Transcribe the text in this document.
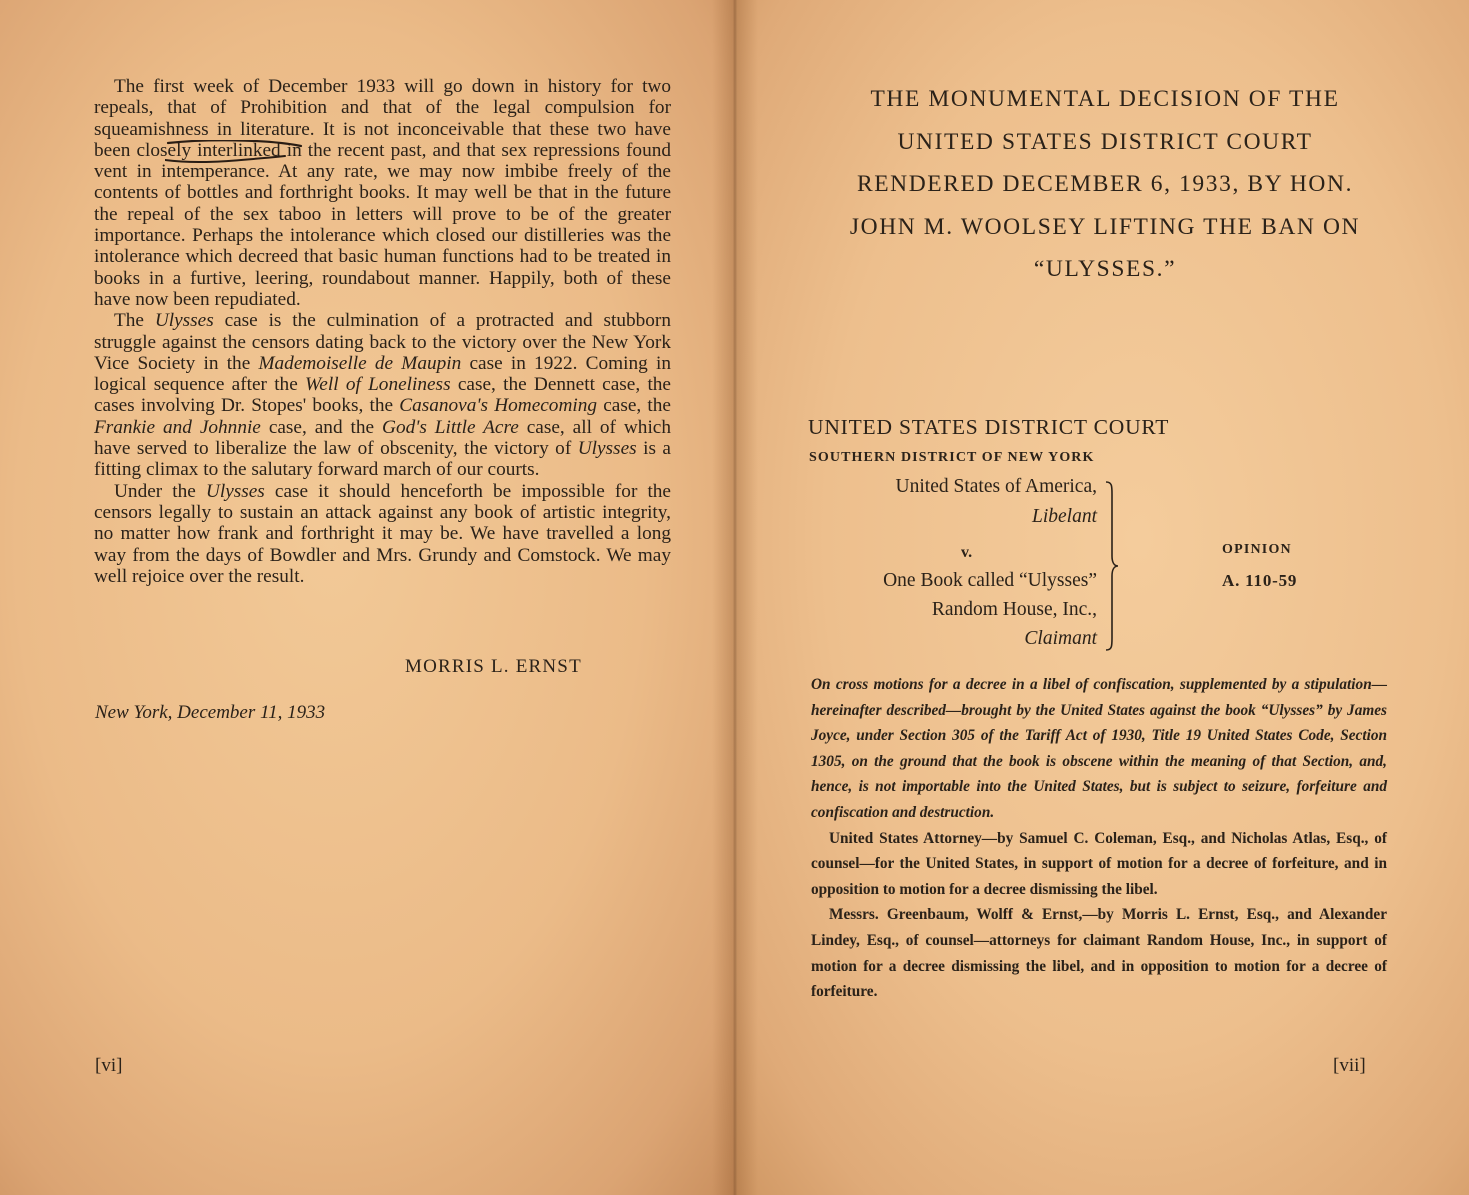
The first week of December 1933 will go down in history for two repeals, that of Prohibition and that of the legal compulsion for squeamishness in literature. It is not inconceivable that these two have been closely interlinked in the recent past, and that sex repressions found vent in intemperance. At any rate, we may now imbibe freely of the contents of bottles and forthright books. It may well be that in the future the repeal of the sex taboo in letters will prove to be of the greater importance. Perhaps the intolerance which closed our distilleries was the intolerance which decreed that basic human functions had to be treated in books in a furtive, leering, roundabout manner. Happily, both of these have now been repudiated.

The Ulysses case is the culmination of a protracted and stubborn struggle against the censors dating back to the victory over the New York Vice Society in the Mademoiselle de Maupin case in 1922. Coming in logical sequence after the Well of Loneliness case, the Dennett case, the cases involving Dr. Stopes' books, the Casanova's Homecoming case, the Frankie and Johnnie case, and the God's Little Acre case, all of which have served to liberalize the law of obscenity, the victory of Ulysses is a fitting climax to the salutary forward march of our courts.

Under the Ulysses case it should henceforth be impossible for the censors legally to sustain an attack against any book of artistic integrity, no matter how frank and forthright it may be. We have travelled a long way from the days of Bowdler and Mrs. Grundy and Comstock. We may well rejoice over the result.

MORRIS L. ERNST
New York, December 11, 1933
[vi]
THE MONUMENTAL DECISION OF THE
UNITED STATES DISTRICT COURT
RENDERED DECEMBER 6, 1933, BY HON.
JOHN M. WOOLSEY LIFTING THE BAN ON
“ULYSSES.”
UNITED STATES DISTRICT COURT
SOUTHERN DISTRICT OF NEW YORK
United States of America,
Libelant
v.
One Book called “Ulysses”
Random House, Inc.,
Claimant
OPINION
A. 110-59

On cross motions for a decree in a libel of confiscation, supplemented by a stipulation—hereinafter described—brought by the United States against the book “Ulysses” by James Joyce, under Section 305 of the Tariff Act of 1930, Title 19 United States Code, Section 1305, on the ground that the book is obscene within the meaning of that Section, and, hence, is not importable into the United States, but is subject to seizure, forfeiture and confiscation and destruction.

United States Attorney—by Samuel C. Coleman, Esq., and Nicholas Atlas, Esq., of counsel—for the United States, in support of motion for a decree of forfeiture, and in opposition to motion for a decree dismissing the libel.

Messrs. Greenbaum, Wolff & Ernst,—by Morris L. Ernst, Esq., and Alexander Lindey, Esq., of counsel—attorneys for claimant Random House, Inc., in support of motion for a decree dismissing the libel, and in opposition to motion for a decree of forfeiture.

[vii]
